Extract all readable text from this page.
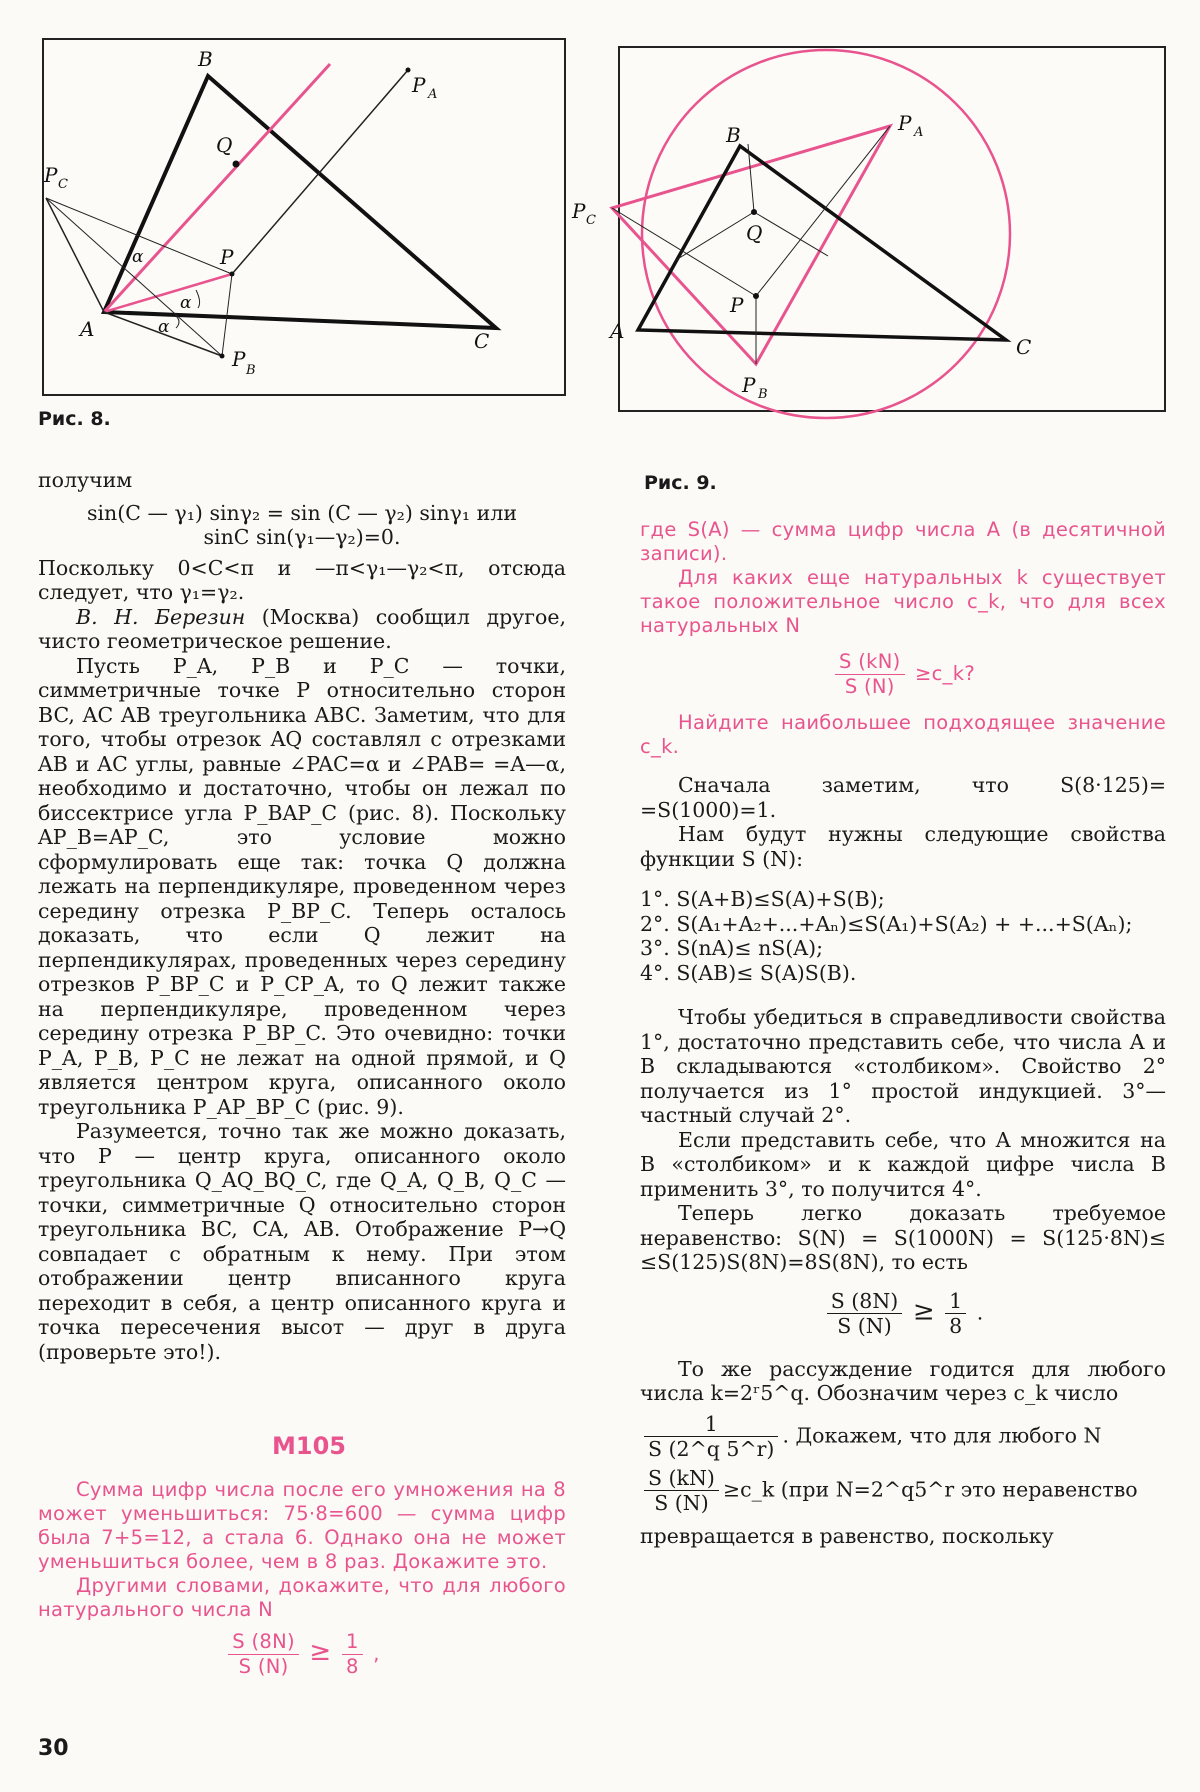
B
Q
P A
P C
P
A	C
P B
α
α
α
Рис. 8.
B	P A
P C
Q
P
A
C
P B
Рис. 9.

получим

sin(C — γ₁) sinγ₂ = sin (C — γ₂) sinγ₁ или

sinC sin(γ₁—γ₂)=0.

Поскольку 0<C<π и —π<γ₁—γ₂<π, отсюда следует, что γ₁=γ₂.

В. Н. Березин (Москва) сообщил другое, чисто геометрическое решение.

Пусть P_A, P_B и P_C — точки, симметричные точке P относительно сторон BC, AC AB треугольника ABC. Заметим, что для того, чтобы отрезок AQ составлял с отрезками AB и AC углы, равные ∠PAC=α и ∠PAB= =A—α, необходимо и достаточно, чтобы он лежал по биссектрисе угла P_BAP_C (рис. 8). Поскольку AP_B=AP_C, это условие можно сформулировать еще так: точка Q должна лежать на перпендикуляре, проведенном через середину отрезка P_BP_C. Теперь осталось доказать, что если Q лежит на перпендикулярах, проведенных через середину отрезков P_BP_C и P_CP_A, то Q лежит также на перпендикуляре, проведенном через середину отрезка P_BP_C. Это очевидно: точки P_A, P_B, P_C не лежат на одной прямой, и Q является центром круга, описанного около треугольника P_AP_BP_C (рис. 9).

Разумеется, точно так же можно доказать, что P — центр круга, описанного около треугольника Q_AQ_BQ_C, где Q_A, Q_B, Q_C — точки, симметричные Q относительно сторон треугольника BC, CA, AB. Отображение P→Q совпадает с обратным к нему. При этом отображении центр вписанного круга переходит в себя, а центр описанного круга и точка пересечения высот — друг в друга (проверьте это!).

М105

Сумма цифр числа после его умножения на 8 может уменьшиться: 75·8=600 — сумма цифр была 7+5=12, а стала 6. Однако она не может уменьшиться более, чем в 8 раз. Докажите это.

Другими словами, докажите, что для любого натурального числа N

$\frac{S (8N)}{S (N)} \ge \frac{1}{8}$ ,
30

где S(A) — сумма цифр числа A (в десятичной записи).

Для каких еще натуральных k существует такое положительное число c_k, что для всех натуральных N

$\frac{S (kN)}{S (N)}$ ≥c_k?

Найдите наибольшее подходящее значение c_k.

Сначала заметим, что S(8·125)= =S(1000)=1.

Нам будут нужны следующие свойства функции S (N):

1°. S(A+B)≤S(A)+S(B);

2°. S(A₁+A₂+...+Aₙ)≤S(A₁)+S(A₂) + +...+S(Aₙ);

3°. S(nA)≤ nS(A);

4°. S(AB)≤ S(A)S(B).

Чтобы убедиться в справедливости свойства 1°, достаточно представить себе, что числа A и B складываются «столбиком». Свойство 2° получается из 1° простой индукцией. 3°— частный случай 2°.

Если представить себе, что A множится на B «столбиком» и к каждой цифре числа B применить 3°, то получится 4°.

Теперь легко доказать требуемое неравенство: S(N) = S(1000N) = S(125·8N)≤ ≤S(125)S(8N)=8S(8N), то есть

$\frac{S (8N)}{S (N)} \ge \frac{1}{8}$ .

То же рассуждение годится для любого числа k=2ʳ5^q. Обозначим через c_k число

$\frac{1}{S (2\^{}q 5\^{}r)}$ . Докажем, что для любого N

$\frac{S (kN)}{S (N)}$ ≥c_k (при N=2^q5^r это неравенство

превращается в равенство, поскольку
